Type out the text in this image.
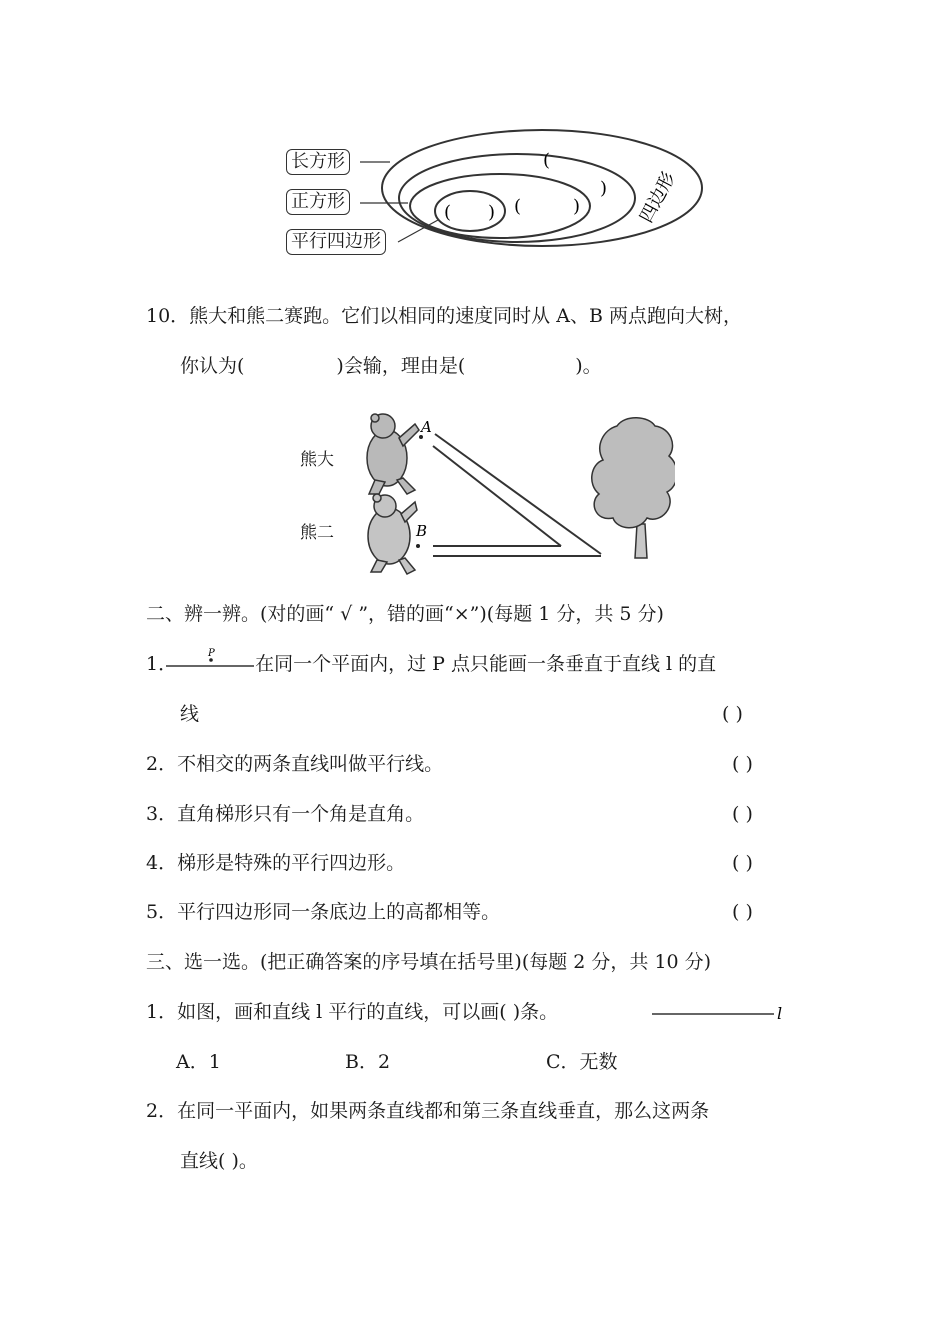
长方形
正方形
平行四边形
(
)
(	)
( )	四边形
10．熊大和熊二赛跑。它们以相同的速度同时从 A、B 两点跑向大树，
你认为(	)会输，理由是(	)。
熊大
熊二
A
B
二、辨一辨。(对的画“ √ ”，错的画“×”)(每题 1 分，共 5 分)
1．	在同一个平面内，过 P 点只能画一条垂直于直线 l 的直
P
线	( )
2．不相交的两条直线叫做平行线。	( )
3．直角梯形只有一个角是直角。	( )
4．梯形是特殊的平行四边形。	( )
5．平行四边形同一条底边上的高都相等。	( )
三、选一选。(把正确答案的序号填在括号里)(每题 2 分，共 10 分)
1．如图，画和直线 l 平行的直线，可以画( )条。	l
A．1	B．2	C．无数
2．在同一平面内，如果两条直线都和第三条直线垂直，那么这两条
直线( )。
